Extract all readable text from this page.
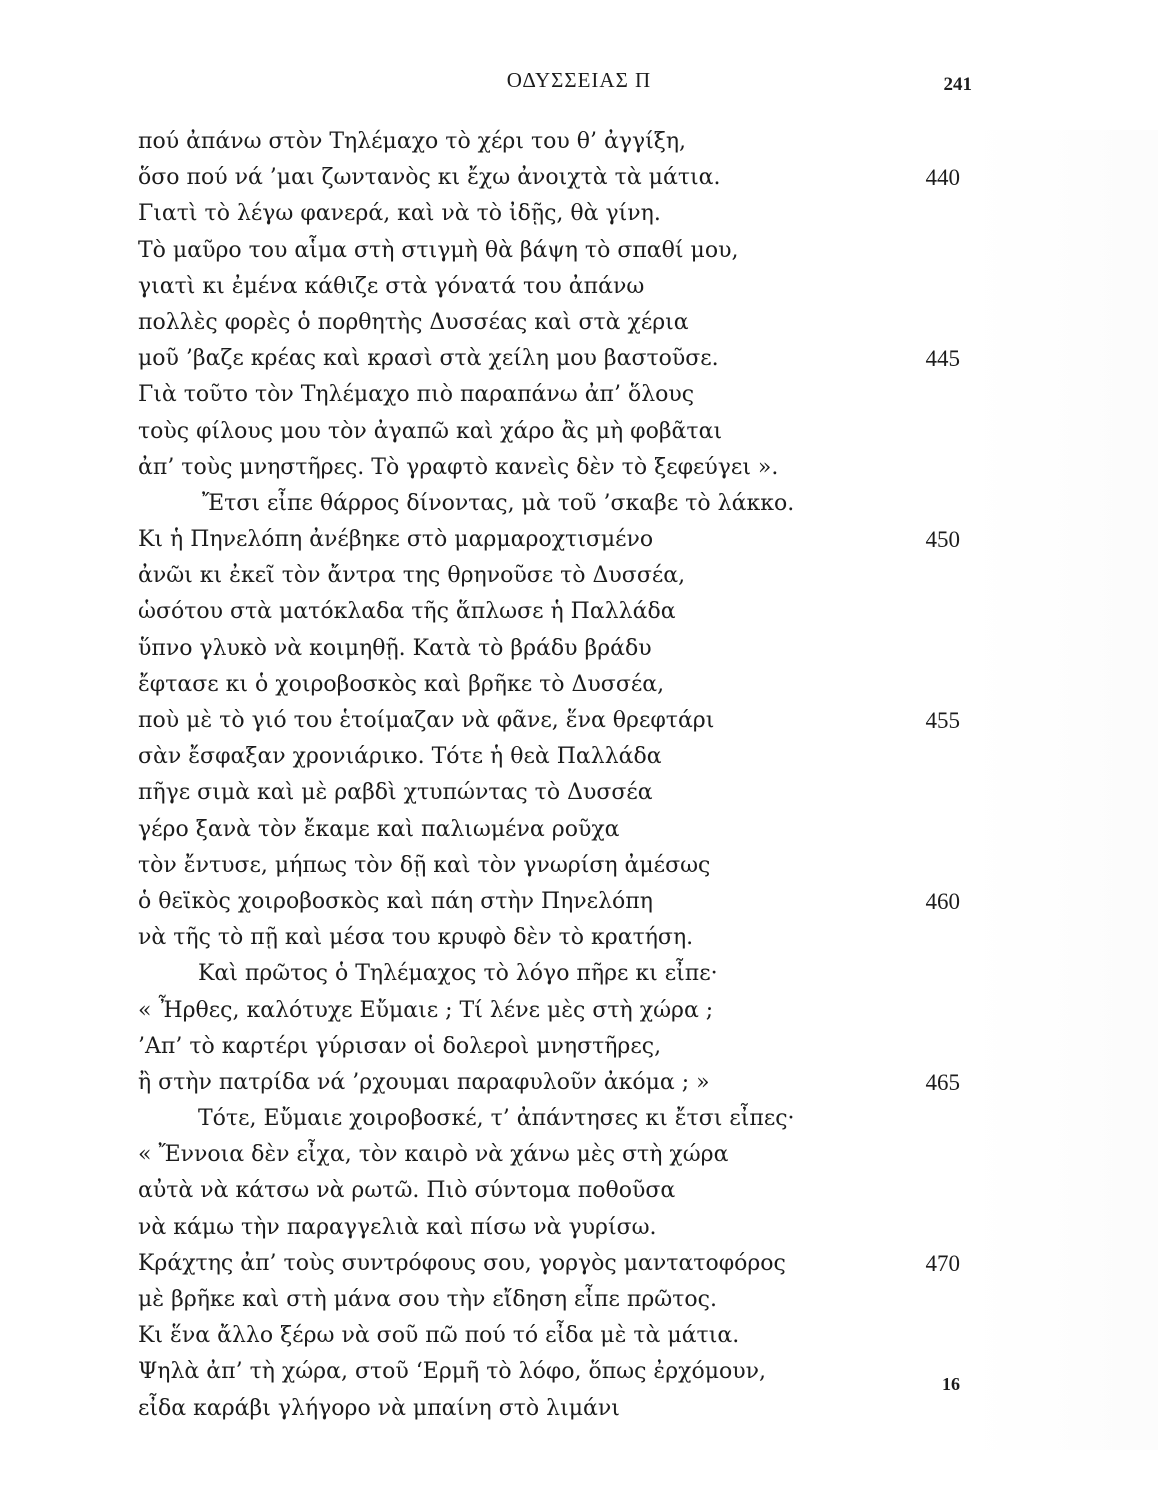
ΟΔΥΣΣΕΙΑΣ Π	241
πού ἀπάνω στὸν Τηλέμαχο τὸ χέρι του θ’ ἀγγίξη,
ὅσο πού νά ’μαι ζωντανὸς κι ἔχω ἀνοιχτὰ τὰ μάτια.	440
Γιατὶ τὸ λέγω φανερά, καὶ νὰ τὸ ἰδῇς, θὰ γίνη.
Τὸ μαῦρο του αἷμα στὴ στιγμὴ θὰ βάψη τὸ σπαθί μου,
γιατὶ κι ἐμένα κάθιζε στὰ γόνατά του ἀπάνω
πολλὲς φορὲς ὁ πορθητὴς Δυσσέας καὶ στὰ χέρια
μοῦ ’βαζε κρέας καὶ κρασὶ στὰ χείλη μου βαστοῦσε.	445
Γιὰ τοῦτο τὸν Τηλέμαχο πιὸ παραπάνω ἀπ’ ὅλους
τοὺς φίλους μου τὸν ἀγαπῶ καὶ χάρο ἂς μὴ φοβᾶται
ἀπ’ τοὺς μνηστῆρες. Τὸ γραφτὸ κανεὶς δὲν τὸ ξεφεύγει ».
Ἔτσι εἶπε θάρρος δίνοντας, μὰ τοῦ ’σκαβε τὸ λάκκο.
Κι ἡ Πηνελόπη ἀνέβηκε στὸ μαρμαροχτισμένο	450
ἀνῶι κι ἐκεῖ τὸν ἄντρα της θρηνοῦσε τὸ Δυσσέα,
ὡσότου στὰ ματόκλαδα τῆς ἅπλωσε ἡ Παλλάδα
ὕπνο γλυκὸ νὰ κοιμηθῇ. Κατὰ τὸ βράδυ βράδυ
ἔφτασε κι ὁ χοιροβοσκὸς καὶ βρῆκε τὸ Δυσσέα,
ποὺ μὲ τὸ γιό του ἑτοίμαζαν νὰ φᾶνε, ἕνα θρεφτάρι	455
σὰν ἔσφαξαν χρονιάρικο. Τότε ἡ θεὰ Παλλάδα
πῆγε σιμὰ καὶ μὲ ραβδὶ χτυπώντας τὸ Δυσσέα
γέρο ξανὰ τὸν ἔκαμε καὶ παλιωμένα ροῦχα
τὸν ἔντυσε, μήπως τὸν δῇ καὶ τὸν γνωρίση ἀμέσως
ὁ θεϊκὸς χοιροβοσκὸς καὶ πάη στὴν Πηνελόπη	460
νὰ τῆς τὸ πῇ καὶ μέσα του κρυφὸ δὲν τὸ κρατήση.
Καὶ πρῶτος ὁ Τηλέμαχος τὸ λόγο πῆρε κι εἶπε·
« Ἦρθες, καλότυχε Εὔμαιε ; Τί λένε μὲς στὴ χώρα ;
’Απ’ τὸ καρτέρι γύρισαν οἱ δολεροὶ μνηστῆρες,
ἢ στὴν πατρίδα νά ’ρχουμαι παραφυλοῦν ἀκόμα ; »	465
Τότε, Εὔμαιε χοιροβοσκέ, τ’ ἀπάντησες κι ἔτσι εἶπες·
« Ἔννοια δὲν εἶχα, τὸν καιρὸ νὰ χάνω μὲς στὴ χώρα
αὐτὰ νὰ κάτσω νὰ ρωτῶ. Πιὸ σύντομα ποθοῦσα
νὰ κάμω τὴν παραγγελιὰ καὶ πίσω νὰ γυρίσω.
Κράχτης ἀπ’ τοὺς συντρόφους σου, γοργὸς μαντατοφόρος	470
μὲ βρῆκε καὶ στὴ μάνα σου τὴν εἴδηση εἶπε πρῶτος.
Κι ἕνα ἄλλο ξέρω νὰ σοῦ πῶ πού τό εἶδα μὲ τὰ μάτια.
Ψηλὰ ἀπ’ τὴ χώρα, στοῦ ‘Ερμῆ τὸ λόφο, ὅπως ἐρχόμουν,
εἶδα καράβι γλήγορο νὰ μπαίνη στὸ λιμάνι
16
